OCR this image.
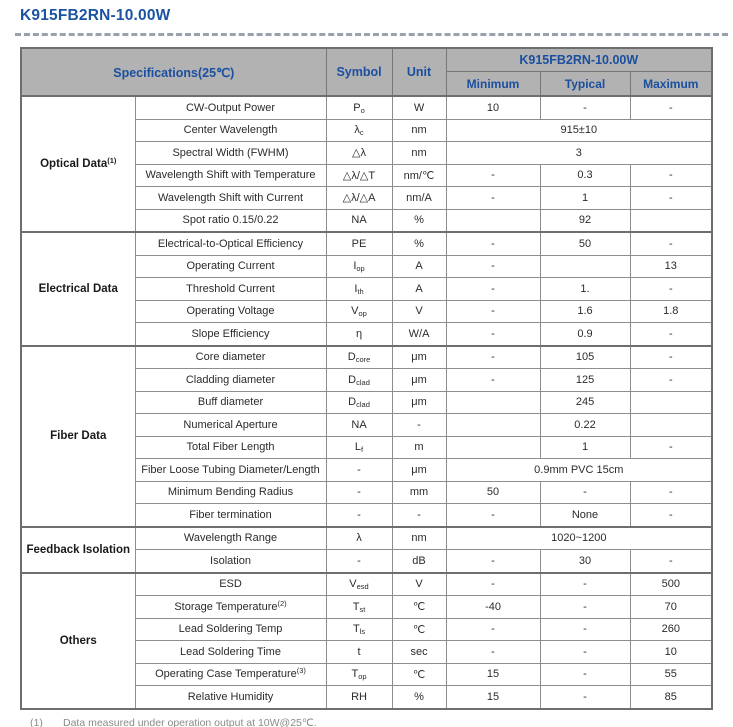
K915FB2RN-10.00W
Specifications(25℃)		Symbol	Unit	K915FB2RN-10.00W		
				Minimum	Typical	Maximum
Optical Data$^{(1)}$	CW-Output Power	$P_o$	W	10	-	-
	Center Wavelength	$\lambda_c$	nm	915±10		
	Spectral Width (FWHM)	△λ	nm	3		
	Wavelength Shift with Temperature	△λ/△T	nm/℃	-	0.3	-
	Wavelength Shift with Current	△λ/△A	nm/A	-	1	-
	Spot ratio 0.15/0.22	NA	%		92	
Electrical Data	Electrical-to-Optical Efficiency	PE	%	-	50	-
	Operating Current	$I_{op}$	A	-		13
	Threshold Current	$I_{th}$	A	-	1.	-
	Operating Voltage	$V_{op}$	V	-	1.6	1.8
	Slope Efficiency	η	W/A	-	0.9	-
Fiber Data	Core diameter	$D_{core}$	μm	-	105	-
	Cladding diameter	$D_{clad}$	μm	-	125	-
	Buff diameter	$D_{clad}$	μm		245	
	Numerical Aperture	NA	-		0.22	
	Total Fiber Length	$L_f$	m		1	-
	Fiber Loose Tubing Diameter/Length	-	μm	0.9mm PVC 15cm		
	Minimum Bending Radius	-	mm	50	-	-
	Fiber termination	-	-	-	None	-
Feedback Isolation	Wavelength Range	λ	nm	1020~1200		
	Isolation	-	dB	-	30	-
Others	ESD	$V_{esd}$	V	-	-	500
	Storage Temperature$^{(2)}$	$T_{st}$	℃	-40	-	70
	Lead Soldering Temp	$T_{ls}$	℃	-	-	260
	Lead Soldering Time	t	sec	-	-	10
	Operating Case Temperature$^{(3)}$	$T_{op}$	℃	15	-	55
	Relative Humidity	RH	%	15	-	85
(1)	Data measured under operation output at 10W@25℃.
